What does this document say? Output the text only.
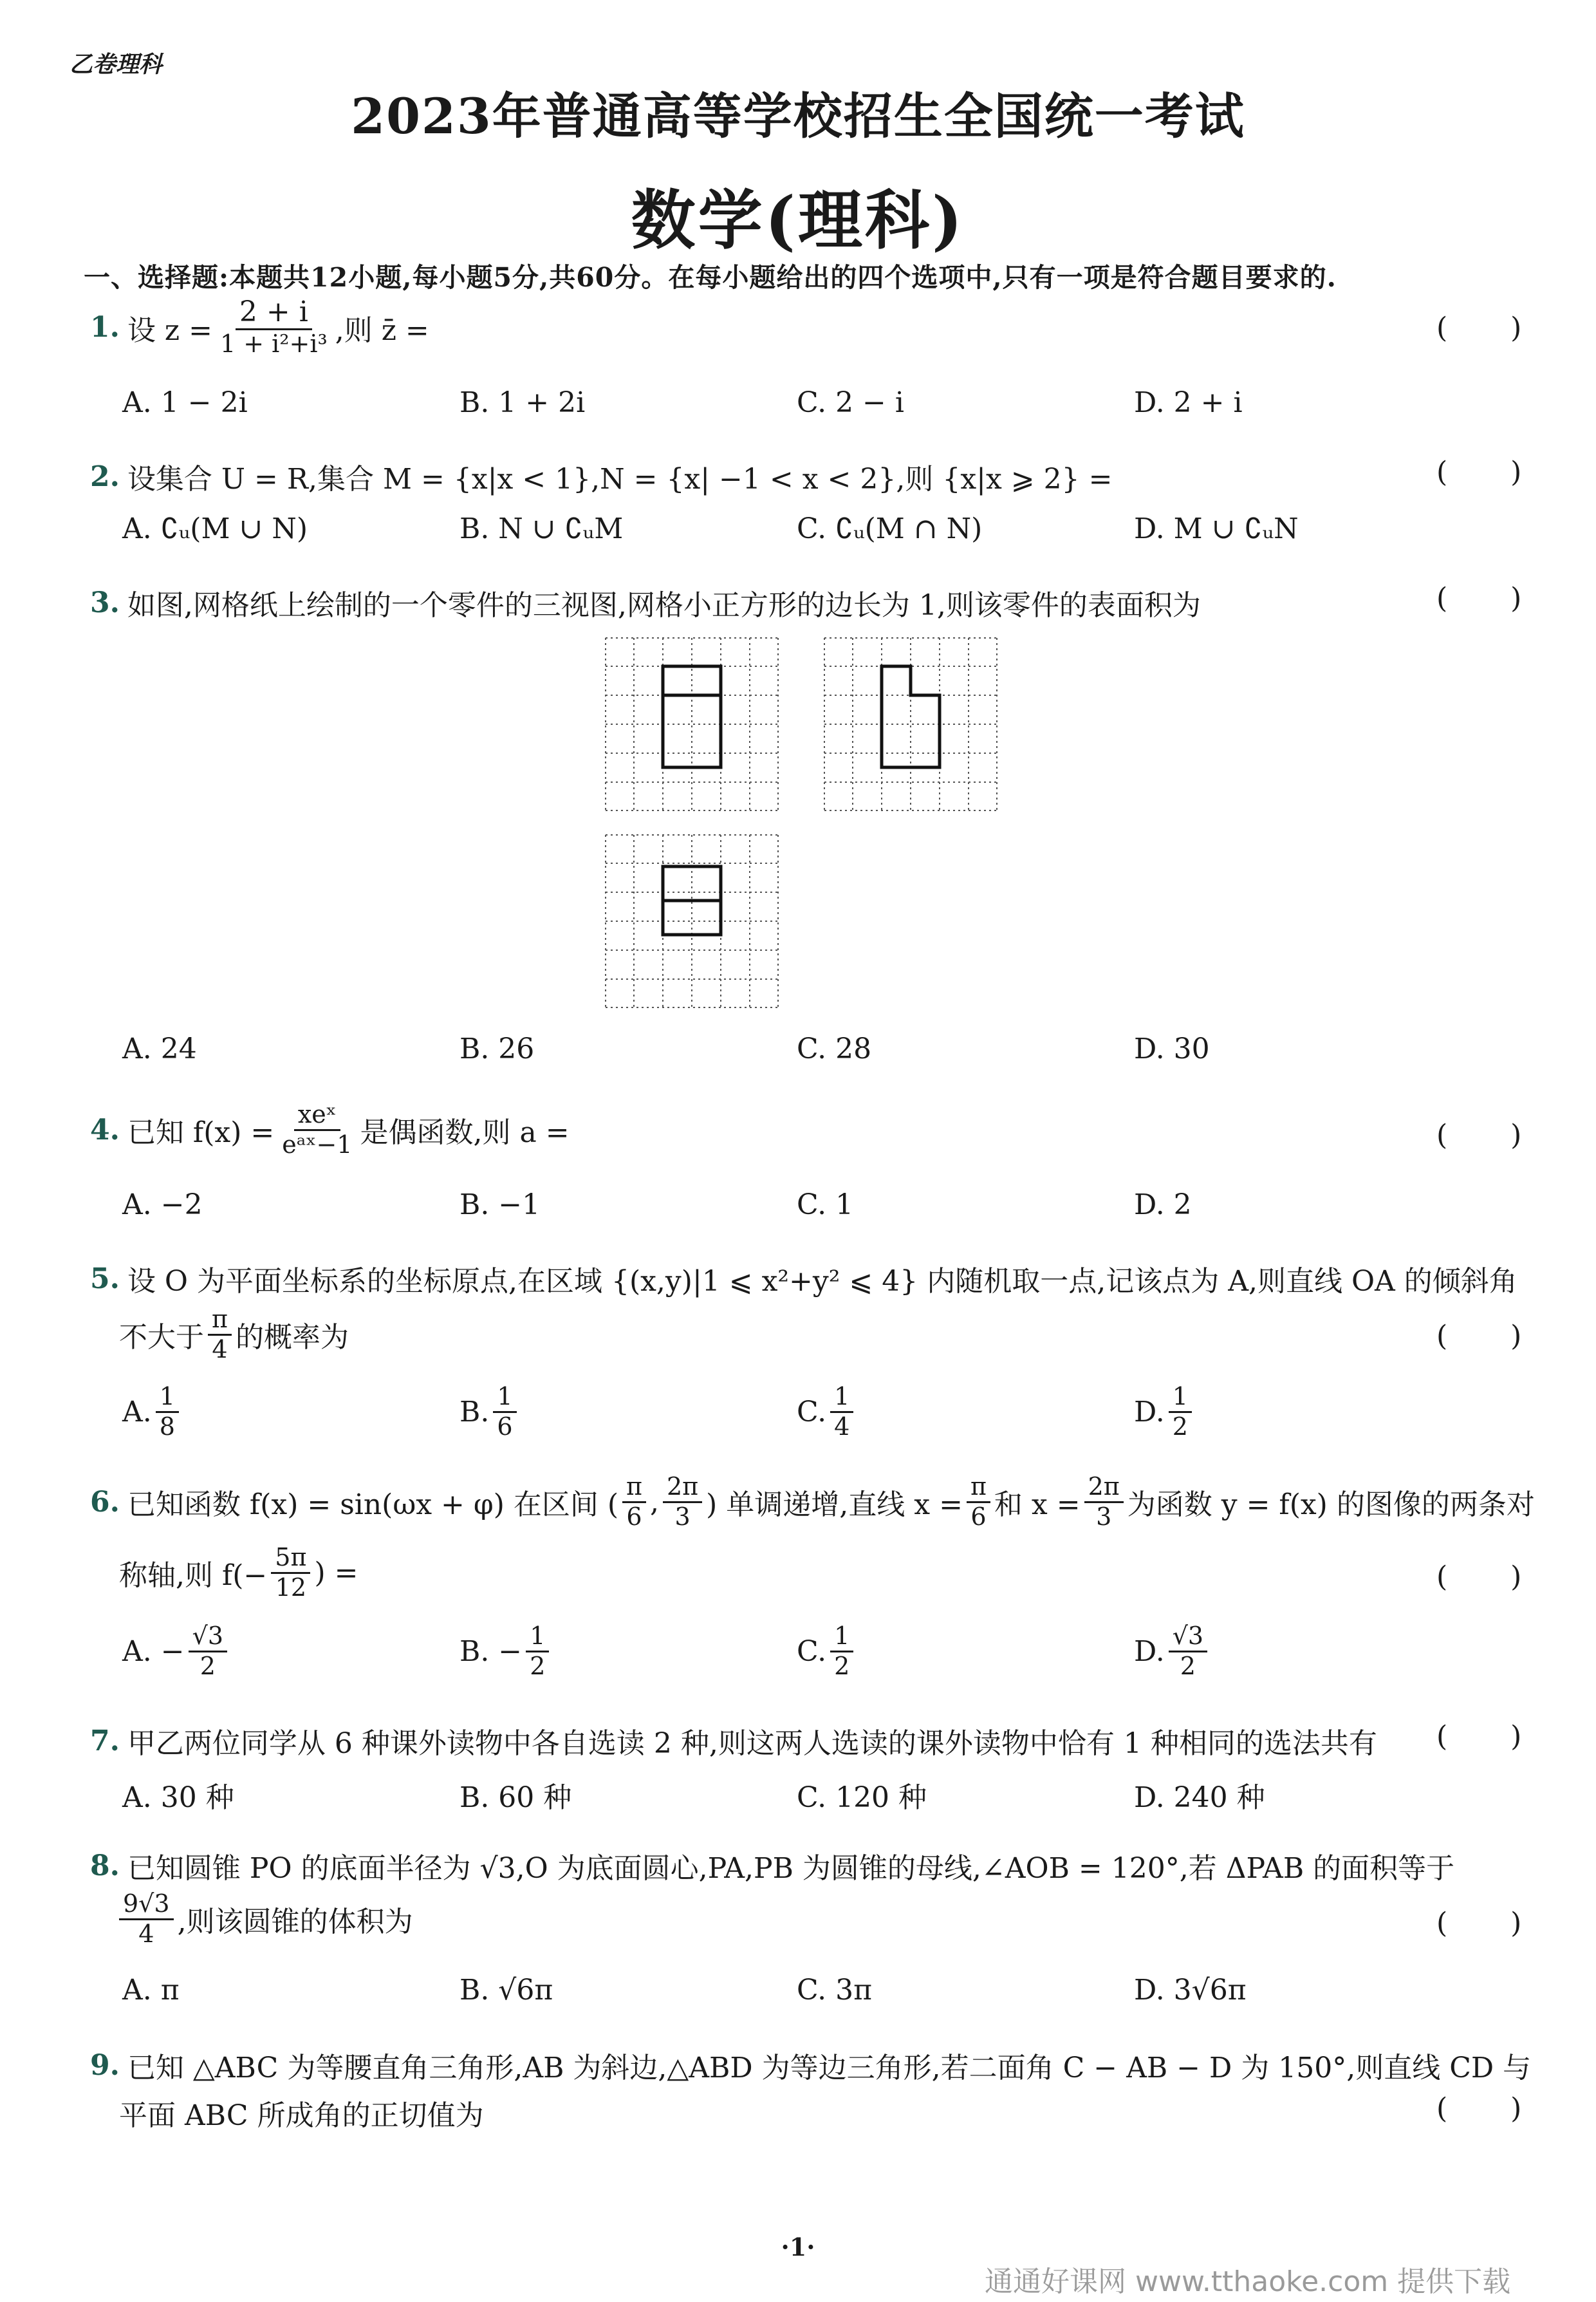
乙卷理科
2023年普通高等学校招生全国统一考试
数学(理科)
一、选择题:本题共12小题,每小题5分,共60分。在每小题给出的四个选项中,只有一项是符合题目要求的.
1. 设 $z = \frac{2 + i}{\text{1 + i²+i³}}$ ,则 z̄ =	( )
A. 1 − 2i	B. 1 + 2i	C. 2 − i	D. 2 + i
2. 设集合 U = R,集合 M = {x|x < 1},N = {x| −1 < x < 2},则 {x|x ⩾ 2} =	( )
A. ∁ᵤ(M ∪ N)	B. N ∪ ∁ᵤM	C. ∁ᵤ(M ∩ N)	D. M ∪ ∁ᵤN
3. 如图,网格纸上绘制的一个零件的三视图,网格小正方形的边长为 1,则该零件的表面积为	( )
A. 24	B. 26	C. 28	D. 30
4. 已知 $f(x) = \frac{\text{xeˣ}}{\text{eᵃˣ−1}}$ 是偶函数,则 a =	( )
A. −2	B. −1	C. 1	D. 2
5. 设 O 为平面坐标系的坐标原点,在区域 {(x,y)|1 ⩽ x²+y² ⩽ 4} 内随机取一点,记该点为 A,则直线 OA 的倾斜角
不大于 $\frac{\pi}{4}$ 的概率为	( )
A. $\frac{1}{8}$	B. $\frac{1}{6}$	C. $\frac{1}{4}$	D. $\frac{1}{2}$
6. 已知函数 f(x) = sin(ωx + φ) 在区间 ( $\frac{\pi}{6}$ , $\frac{2\pi}{3}$ ) 单调递增,直线 $x = \frac{\pi}{6}$ 和 $x = \frac{2\pi}{3}$ 为函数 y = f(x) 的图像的两条对
称轴,则 $f(- \frac{5\pi}{12}$ ) =	( )
A. − $\frac{√3}{2}$	B. − $\frac{1}{2}$	C. $\frac{1}{2}$	D. $\frac{√3}{2}$
7. 甲乙两位同学从 6 种课外读物中各自选读 2 种,则这两人选读的课外读物中恰有 1 种相同的选法共有 ( )
A. 30 种	B. 60 种	C. 120 种	D. 240 种
8. 已知圆锥 PO 的底面半径为 √3,O 为底面圆心,PA,PB 为圆锥的母线,∠AOB = 120°,若 ΔPAB 的面积等于
$\frac{9√3}{4}$ ,则该圆锥的体积为	( )
A. π	B. √6π	C. 3π	D. 3√6π
9. 已知 △ABC 为等腰直角三角形,AB 为斜边,△ABD 为等边三角形,若二面角 C − AB − D 为 150°,则直线 CD 与
平面 ABC 所成角的正切值为	( )
·1·
通通好课网 www.tthaoke.com 提供下载
